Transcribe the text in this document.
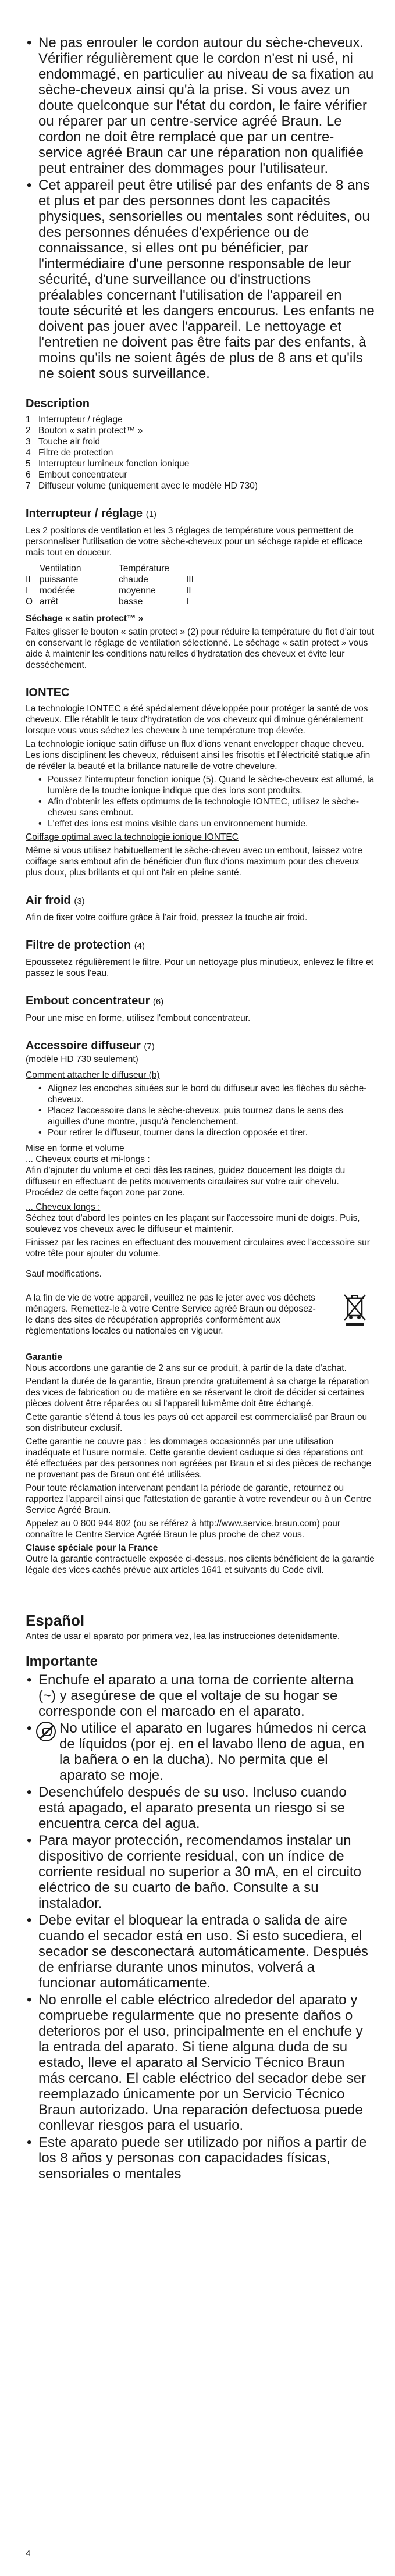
• Ne pas enrouler le cordon autour du sèche-cheveux. Vérifier régulièrement que le cordon n'est ni usé, ni endommagé, en particulier au niveau de sa fixation au sèche-cheveux ainsi qu'à la prise. Si vous avez un doute quelconque sur l'état du cordon, le faire vérifier ou réparer par un centre-service agréé Braun. Le cordon ne doit être remplacé que par un centre-service agréé Braun car une réparation non qualifiée peut entrainer des dommages pour l'utilisateur.
• Cet appareil peut être utilisé par des enfants de 8 ans et plus et par des personnes dont les capacités physiques, sensorielles ou mentales sont réduites, ou des personnes dénuées d'expérience ou de connaissance, si elles ont pu bénéficier, par l'intermédiaire d'une personne responsable de leur sécurité, d'une surveillance ou d'instructions préalables concernant l'utilisation de l'appareil en toute sécurité et les dangers encourus. Les enfants ne doivent pas jouer avec l'appareil. Le nettoyage et l'entretien ne doivent pas être faits par des enfants, à moins qu'ils ne soient âgés de plus de 8 ans et qu'ils ne soient sous surveillance.
Description
1 Interrupteur / réglage
2 Bouton « satin protect™ »
3 Touche air froid
4 Filtre de protection
5 Interrupteur lumineux fonction ionique
6 Embout concentrateur
7 Diffuseur volume (uniquement avec le modèle HD 730)
Interrupteur / réglage (1)

Les 2 positions de ventilation et les 3 réglages de température vous permettent de personnaliser l'utilisation de votre sèche-cheveux pour un séchage rapide et efficace mais tout en douceur.

	Ventilation	Température	
II	puissante	chaude	III
I	modérée	moyenne	II
O	arrêt	basse	I

Séchage « satin protect™ »

Faites glisser le bouton « satin protect » (2) pour réduire la température du flot d'air tout en conservant le réglage de ventilation sélectionné. Le séchage « satin protect » vous aide à maintenir les conditions naturelles d'hydratation des cheveux et évite leur dessèchement.

IONTEC

La technologie IONTEC a été spécialement développée pour protéger la santé de vos cheveux. Elle rétablit le taux d'hydratation de vos cheveux qui diminue généralement lorsque vous vous séchez les cheveux à une température trop élevée.

La technologie ionique satin diffuse un flux d'ions venant envelopper chaque cheveu. Les ions disciplinent les cheveux, réduisent ainsi les frisottis et l'électricité statique afin de révéler la beauté et la brillance naturelle de votre chevelure.

• Poussez l'interrupteur fonction ionique (5). Quand le sèche-cheveux est allumé, la lumière de la touche ionique indique que des ions sont produits.
• Afin d'obtenir les effets optimums de la technologie IONTEC, utilisez le sèche-cheveu sans embout.
• L'effet des ions est moins visible dans un environnement humide.

Coiffage optimal avec la technologie ionique IONTEC

Même si vous utilisez habituellement le sèche-cheveu avec un embout, laissez votre coiffage sans embout afin de bénéficier d'un flux d'ions maximum pour des cheveux plus doux, plus brillants et qui ont l'air en pleine santé.

Air froid (3)

Afin de fixer votre coiffure grâce à l'air froid, pressez la touche air froid.

Filtre de protection (4)

Epoussetez régulièrement le filtre. Pour un nettoyage plus minutieux, enlevez le filtre et passez le sous l'eau.

Embout concentrateur (6)

Pour une mise en forme, utilisez l'embout concentrateur.

Accessoire diffuseur (7)

(modèle HD 730 seulement)

Comment attacher le diffuseur (b)

• Alignez les encoches situées sur le bord du diffuseur avec les flèches du sèche-cheveux.
• Placez l'accessoire dans le sèche-cheveux, puis tournez dans le sens des aiguilles d'une montre, jusqu'à l'enclenchement.
• Pour retirer le diffuseur, tourner dans la direction opposée et tirer.

Mise en forme et volume

... Cheveux courts et mi-longs :

Afin d'ajouter du volume et ceci dès les racines, guidez doucement les doigts du diffuseur en effectuant de petits mouvements circulaires sur votre cuir chevelu. Procédez de cette façon zone par zone.

... Cheveux longs :

Séchez tout d'abord les pointes en les plaçant sur l'accessoire muni de doigts. Puis, soulevez vos cheveux avec le diffuseur et maintenir.

Finissez par les racines en effectuant des mouvement circulaires avec l'accessoire sur votre tête pour ajouter du volume.

Sauf modifications.

A la fin de vie de votre appareil, veuillez ne pas le jeter avec vos déchets ménagers. Remettez-le à votre Centre Service agréé Braun ou déposez-le dans des sites de récupération appropriés conformément aux règlementations locales ou nationales en vigueur.

Garantie

Nous accordons une garantie de 2 ans sur ce produit, à partir de la date d'achat.

Pendant la durée de la garantie, Braun prendra gratuitement à sa charge la réparation des vices de fabrication ou de matière en se réservant le droit de décider si certaines pièces doivent être réparées ou si l'appareil lui-même doit être échangé.

Cette garantie s'étend à tous les pays où cet appareil est commercialisé par Braun ou son distributeur exclusif.

Cette garantie ne couvre pas : les dommages occasionnés par une utilisation inadéquate et l'usure normale. Cette garantie devient caduque si des réparations ont été effectuées par des personnes non agréées par Braun et si des pièces de rechange ne provenant pas de Braun ont été utilisées.

Pour toute réclamation intervenant pendant la période de garantie, retournez ou rapportez l'appareil ainsi que l'attestation de garantie à votre revendeur ou à un Centre Service Agréé Braun.

Appelez au 0 800 944 802 (ou se référez à http://www.service.braun.com) pour connaître le Centre Service Agréé Braun le plus proche de chez vous.

Clause spéciale pour la France

Outre la garantie contractuelle exposée ci-dessus, nos clients bénéficient de la garantie légale des vices cachés prévue aux articles 1641 et suivants du Code civil.

Español

Antes de usar el aparato por primera vez, lea las instrucciones detenidamente.

Importante
• Enchufe el aparato a una toma de corriente alterna (~) y asegúrese de que el voltaje de su hogar se corresponde con el marcado en el aparato.
• No utilice el aparato en lugares húmedos ni cerca de líquidos (por ej. en el lavabo lleno de agua, en la bañera o en la ducha). No permita que el aparato se moje.
• Desenchúfelo después de su uso. Incluso cuando está apagado, el aparato presenta un riesgo si se encuentra cerca del agua.
• Para mayor protección, recomendamos instalar un dispositivo de corriente residual, con un índice de corriente residual no superior a 30 mA, en el circuito eléctrico de su cuarto de baño. Consulte a su instalador.
• Debe evitar el bloquear la entrada o salida de aire cuando el secador está en uso. Si esto sucediera, el secador se desconectará automáticamente. Después de enfriarse durante unos minutos, volverá a funcionar automáticamente.
• No enrolle el cable eléctrico alrededor del aparato y compruebe regularmente que no presente daños o deterioros por el uso, principalmente en el enchufe y la entrada del aparato. Si tiene alguna duda de su estado, lleve el aparato al Servicio Técnico Braun más cercano. El cable eléctrico del secador debe ser reemplazado únicamente por un Servicio Técnico Braun autorizado. Una reparación defectuosa puede conllevar riesgos para el usuario.
• Este aparato puede ser utilizado por niños a partir de los 8 años y personas con capacidades físicas, sensoriales o mentales
4
